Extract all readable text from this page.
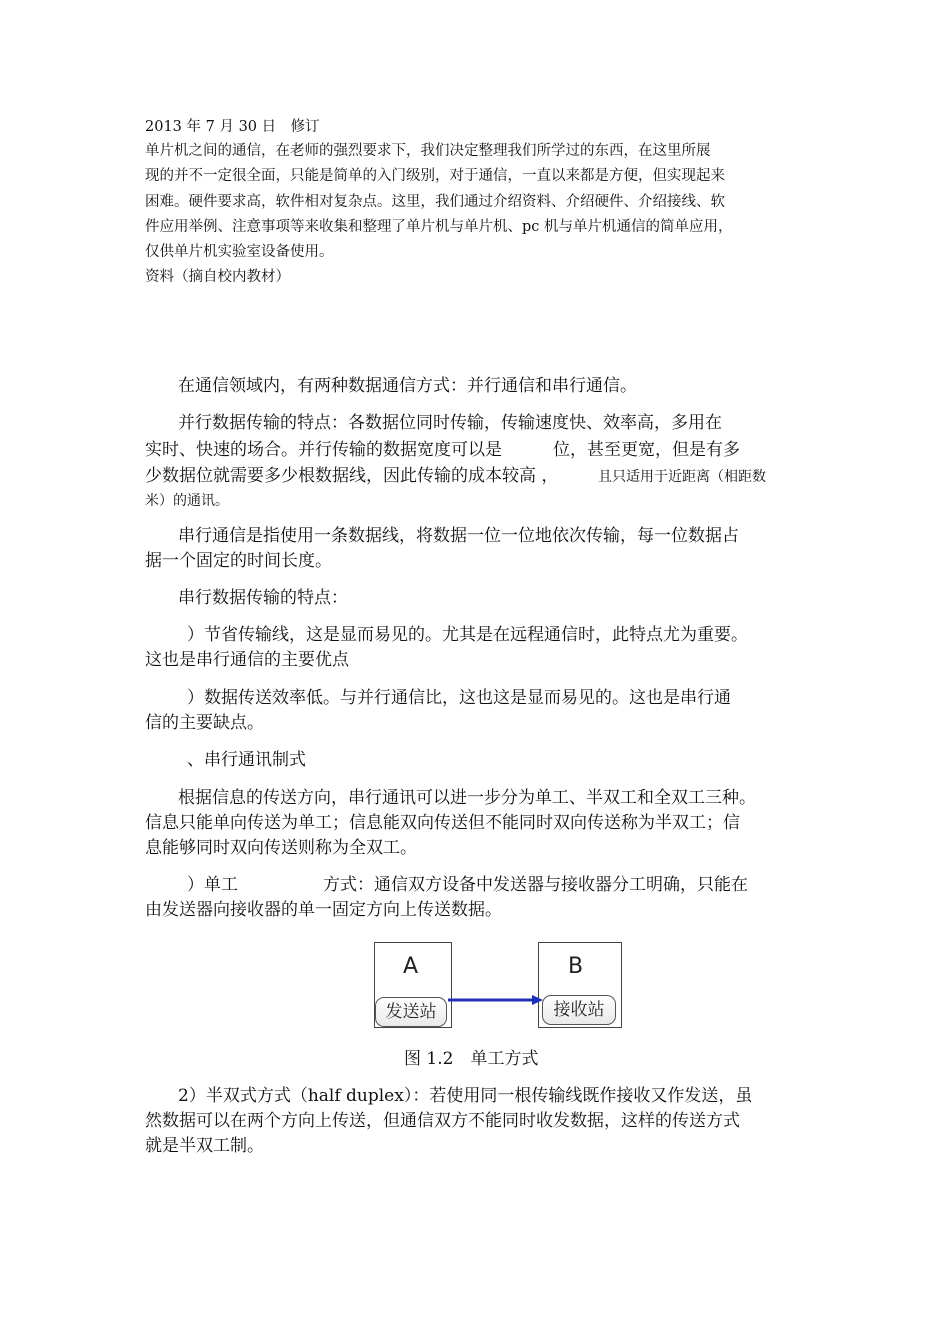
2013 年 7 月 30 日　修订
单片机之间的通信，在老师的强烈要求下，我们决定整理我们所学过的东西，在这里所展
现的并不一定很全面，只能是简单的入门级别，对于通信，一直以来都是方便，但实现起来
困难。硬件要求高，软件相对复杂点。这里，我们通过介绍资料、介绍硬件、介绍接线、软
件应用举例、注意事项等来收集和整理了单片机与单片机、pc 机与单片机通信的简单应用，
仅供单片机实验室设备使用。
资料（摘自校内教材）
在通信领域内，有两种数据通信方式：并行通信和串行通信。
并行数据传输的特点：各数据位同时传输，传输速度快、效率高，多用在
实时、快速的场合。并行传输的数据宽度可以是　　　位，甚至更宽，但是有多
少数据位就需要多少根数据线，因此传输的成本较高 ，	且只适用于近距离（相距数
米）的通讯。
串行通信是指使用一条数据线，将数据一位一位地依次传输，每一位数据占
据一个固定的时间长度。
串行数据传输的特点：
　）节省传输线，这是显而易见的。尤其是在远程通信时，此特点尤为重要。
这也是串行通信的主要优点
　）数据传送效率低。与并行通信比，这也这是显而易见的。这也是串行通
信的主要缺点。
　、串行通讯制式
根据信息的传送方向，串行通讯可以进一步分为单工、半双工和全双工三种。
信息只能单向传送为单工；信息能双向传送但不能同时双向传送称为半双工；信
息能够同时双向传送则称为全双工。
　）单工　　　　　方式：通信双方设备中发送器与接收器分工明确，只能在
由发送器向接收器的单一固定方向上传送数据。
A
发送站
B
接收站
图 1.2　单工方式
2）半双式方式（half duplex）：若使用同一根传输线既作接收又作发送，虽
然数据可以在两个方向上传送，但通信双方不能同时收发数据，这样的传送方式
就是半双工制。
